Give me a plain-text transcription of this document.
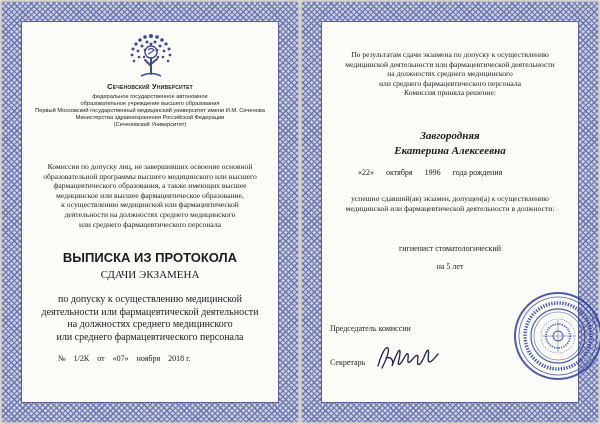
Сеченовский Университет
федеральное государственное автономное
образовательное учреждение высшего образования
Первый Московский государственный медицинский университет имени И.М. Сеченова
Министерства здравоохранения Российской Федерации
(Сеченовский Университет)
Комиссия по допуску лиц, не завершивших освоение основной
образовательной программы высшего медицинского или высшего
фармацевтического образования, а также имеющих высшее
медицинское или высшее фармацевтическое образование,
к осуществлению медицинской или фармацевтической
деятельности на должностях среднего медицинского
или среднего фармацевтического персонала
ВЫПИСКА ИЗ ПРОТОКОЛА
СДАЧИ ЭКЗАМЕНА
по допуску к осуществлению медицинской
деятельности или фармацевтической деятельности
на должностях среднего медицинского
или среднего фармацевтического персонала
№ 1/2К от «07» ноября 2018 г.
По результатам сдачи экзамена по допуску к осуществлению
медицинской деятельности или фармацевтической деятельности
на должностях среднего медицинского
или среднего фармацевтического персонала
Комиссия приняла решение:
Завгородняя
Екатерина Алексеевна
«22» октября 1996 года рождения
успешно сдавший(ая) экзамен, допущен(а) к осуществлению
медицинской или фармацевтической деятельности в должности:
гигиенист стоматологический
на 5 лет
Председатель комиссии
Секретарь
